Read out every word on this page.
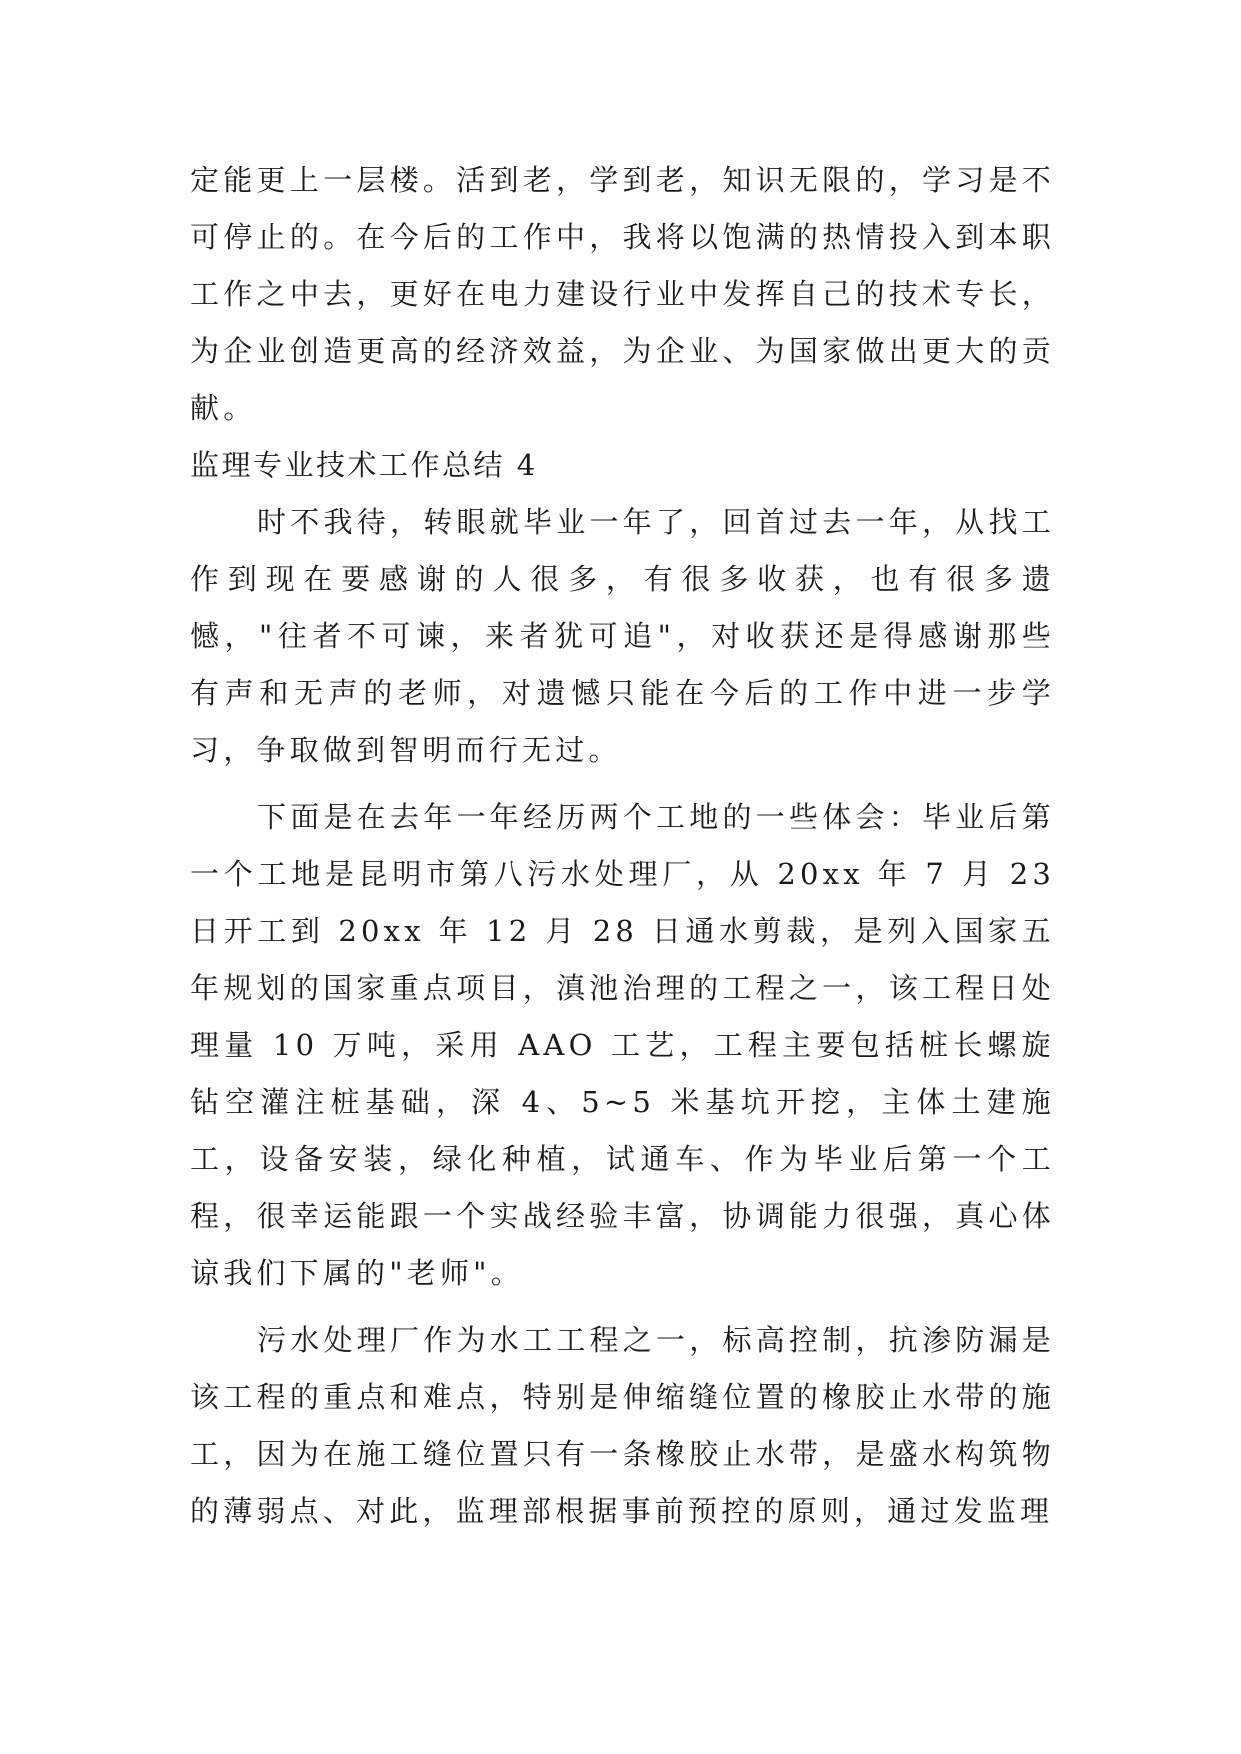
定能更上一层楼。活到老，学到老，知识无限的，学习是不可停止的。在今后的工作中，我将以饱满的热情投入到本职工作之中去，更好在电力建设行业中发挥自己的技术专长，为企业创造更高的经济效益，为企业、为国家做出更大的贡献。

监理专业技术工作总结 4

时不我待，转眼就毕业一年了，回首过去一年，从找工作到现在要感谢的人很多，有很多收获，也有很多遗憾，"往者不可谏，来者犹可追"，对收获还是得感谢那些有声和无声的老师，对遗憾只能在今后的工作中进一步学习，争取做到智明而行无过。

下面是在去年一年经历两个工地的一些体会：毕业后第一个工地是昆明市第八污水处理厂，从 20xx 年 7 月 23 日开工到 20xx 年 12 月 28 日通水剪裁，是列入国家五年规划的国家重点项目，滇池治理的工程之一，该工程日处理量 10 万吨，采用 AAO 工艺，工程主要包括桩长螺旋钻空灌注桩基础，深 4、5~5 米基坑开挖，主体土建施工，设备安装，绿化种植，试通车、作为毕业后第一个工程，很幸运能跟一个实战经验丰富，协调能力很强，真心体谅我们下属的"老师"。

污水处理厂作为水工工程之一，标高控制，抗渗防漏是该工程的重点和难点，特别是伸缩缝位置的橡胶止水带的施工，因为在施工缝位置只有一条橡胶止水带，是盛水构筑物的薄弱点、对此，监理部根据事前预控的原则，通过发监理
